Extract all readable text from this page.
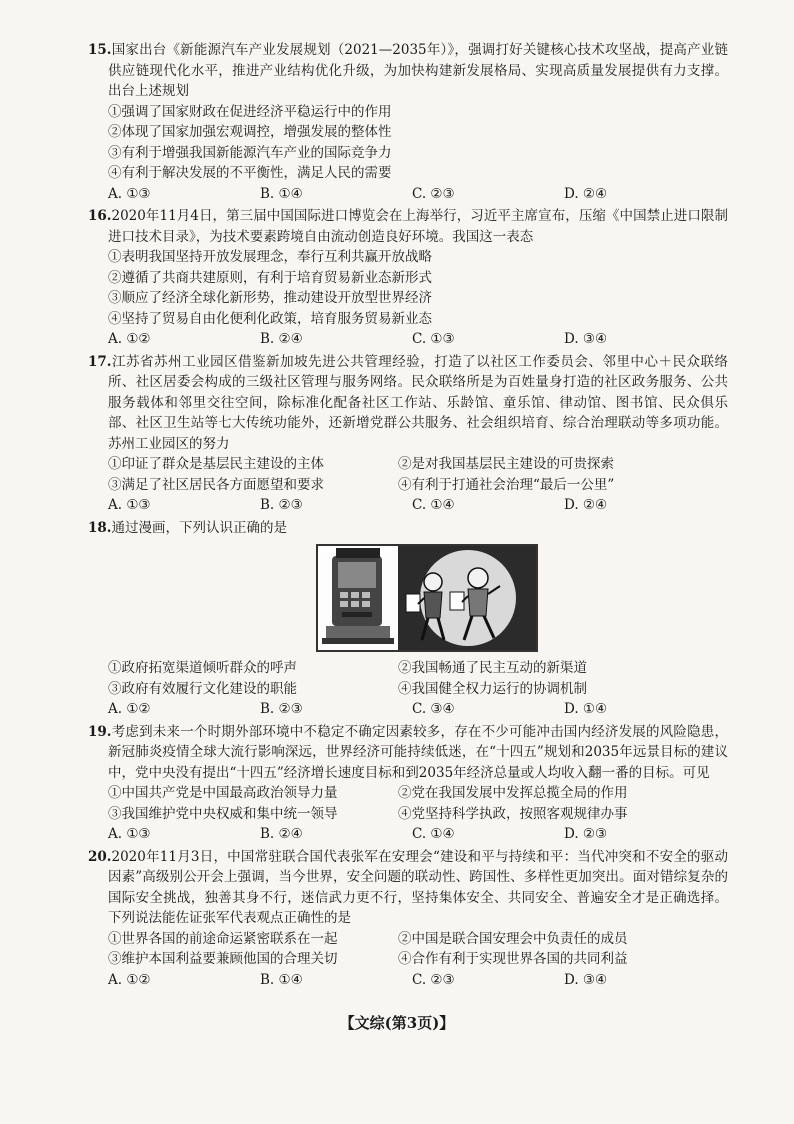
15.国家出台《新能源汽车产业发展规划（2021—2035年）》，强调打好关键核心技术攻坚战，提高产业链供应链现代化水平，推进产业结构优化升级，为加快构建新发展格局、实现高质量发展提供有力支撑。出台上述规划
①强调了国家财政在促进经济平稳运行中的作用
②体现了国家加强宏观调控，增强发展的整体性
③有利于增强我国新能源汽车产业的国际竞争力
④有利于解决发展的不平衡性，满足人民的需要
A. ①③	B. ①④	C. ②③	D. ②④
16.2020年11月4日，第三届中国国际进口博览会在上海举行，习近平主席宣布，压缩《中国禁止进口限制进口技术目录》，为技术要素跨境自由流动创造良好环境。我国这一表态
①表明我国坚持开放发展理念，奉行互利共赢开放战略
②遵循了共商共建原则，有利于培育贸易新业态新形式
③顺应了经济全球化新形势，推动建设开放型世界经济
④坚持了贸易自由化便利化政策，培育服务贸易新业态
A. ①②	B. ②④	C. ①③	D. ③④
17.江苏省苏州工业园区借鉴新加坡先进公共管理经验，打造了以社区工作委员会、邻里中心＋民众联络所、社区居委会构成的三级社区管理与服务网络。民众联络所是为百姓量身打造的社区政务服务、公共服务载体和邻里交往空间，除标准化配备社区工作站、乐龄馆、童乐馆、律动馆、图书馆、民众俱乐部、社区卫生站等七大传统功能外，还新增党群公共服务、社会组织培育、综合治理联动等多项功能。苏州工业园区的努力
①印证了群众是基层民主建设的主体	②是对我国基层民主建设的可贵探索
③满足了社区居民各方面愿望和要求	④有利于打通社会治理“最后一公里”
A. ①③	B. ②③	C. ①④	D. ②④
18.通过漫画，下列认识正确的是
①政府拓宽渠道倾听群众的呼声	②我国畅通了民主互动的新渠道
③政府有效履行文化建设的职能	④我国健全权力运行的协调机制
A. ①②	B. ②③	C. ③④	D. ①④
19.考虑到未来一个时期外部环境中不稳定不确定因素较多，存在不少可能冲击国内经济发展的风险隐患，新冠肺炎疫情全球大流行影响深远，世界经济可能持续低迷，在“十四五”规划和2035年远景目标的建议中，党中央没有提出“十四五”经济增长速度目标和到2035年经济总量或人均收入翻一番的目标。可见
①中国共产党是中国最高政治领导力量	②党在我国发展中发挥总揽全局的作用
③我国维护党中央权威和集中统一领导	④党坚持科学执政，按照客观规律办事
A. ①③	B. ②④	C. ①④	D. ②③
20.2020年11月3日，中国常驻联合国代表张军在安理会“建设和平与持续和平：当代冲突和不安全的驱动因素”高级别公开会上强调，当今世界，安全问题的联动性、跨国性、多样性更加突出。面对错综复杂的国际安全挑战，独善其身不行，迷信武力更不行，坚持集体安全、共同安全、普遍安全才是正确选择。下列说法能佐证张军代表观点正确性的是
①世界各国的前途命运紧密联系在一起	②中国是联合国安理会中负责任的成员
③维护本国利益要兼顾他国的合理关切	④合作有利于实现世界各国的共同利益
A. ①②	B. ①④	C. ②③	D. ③④
【文综(第3页)】
